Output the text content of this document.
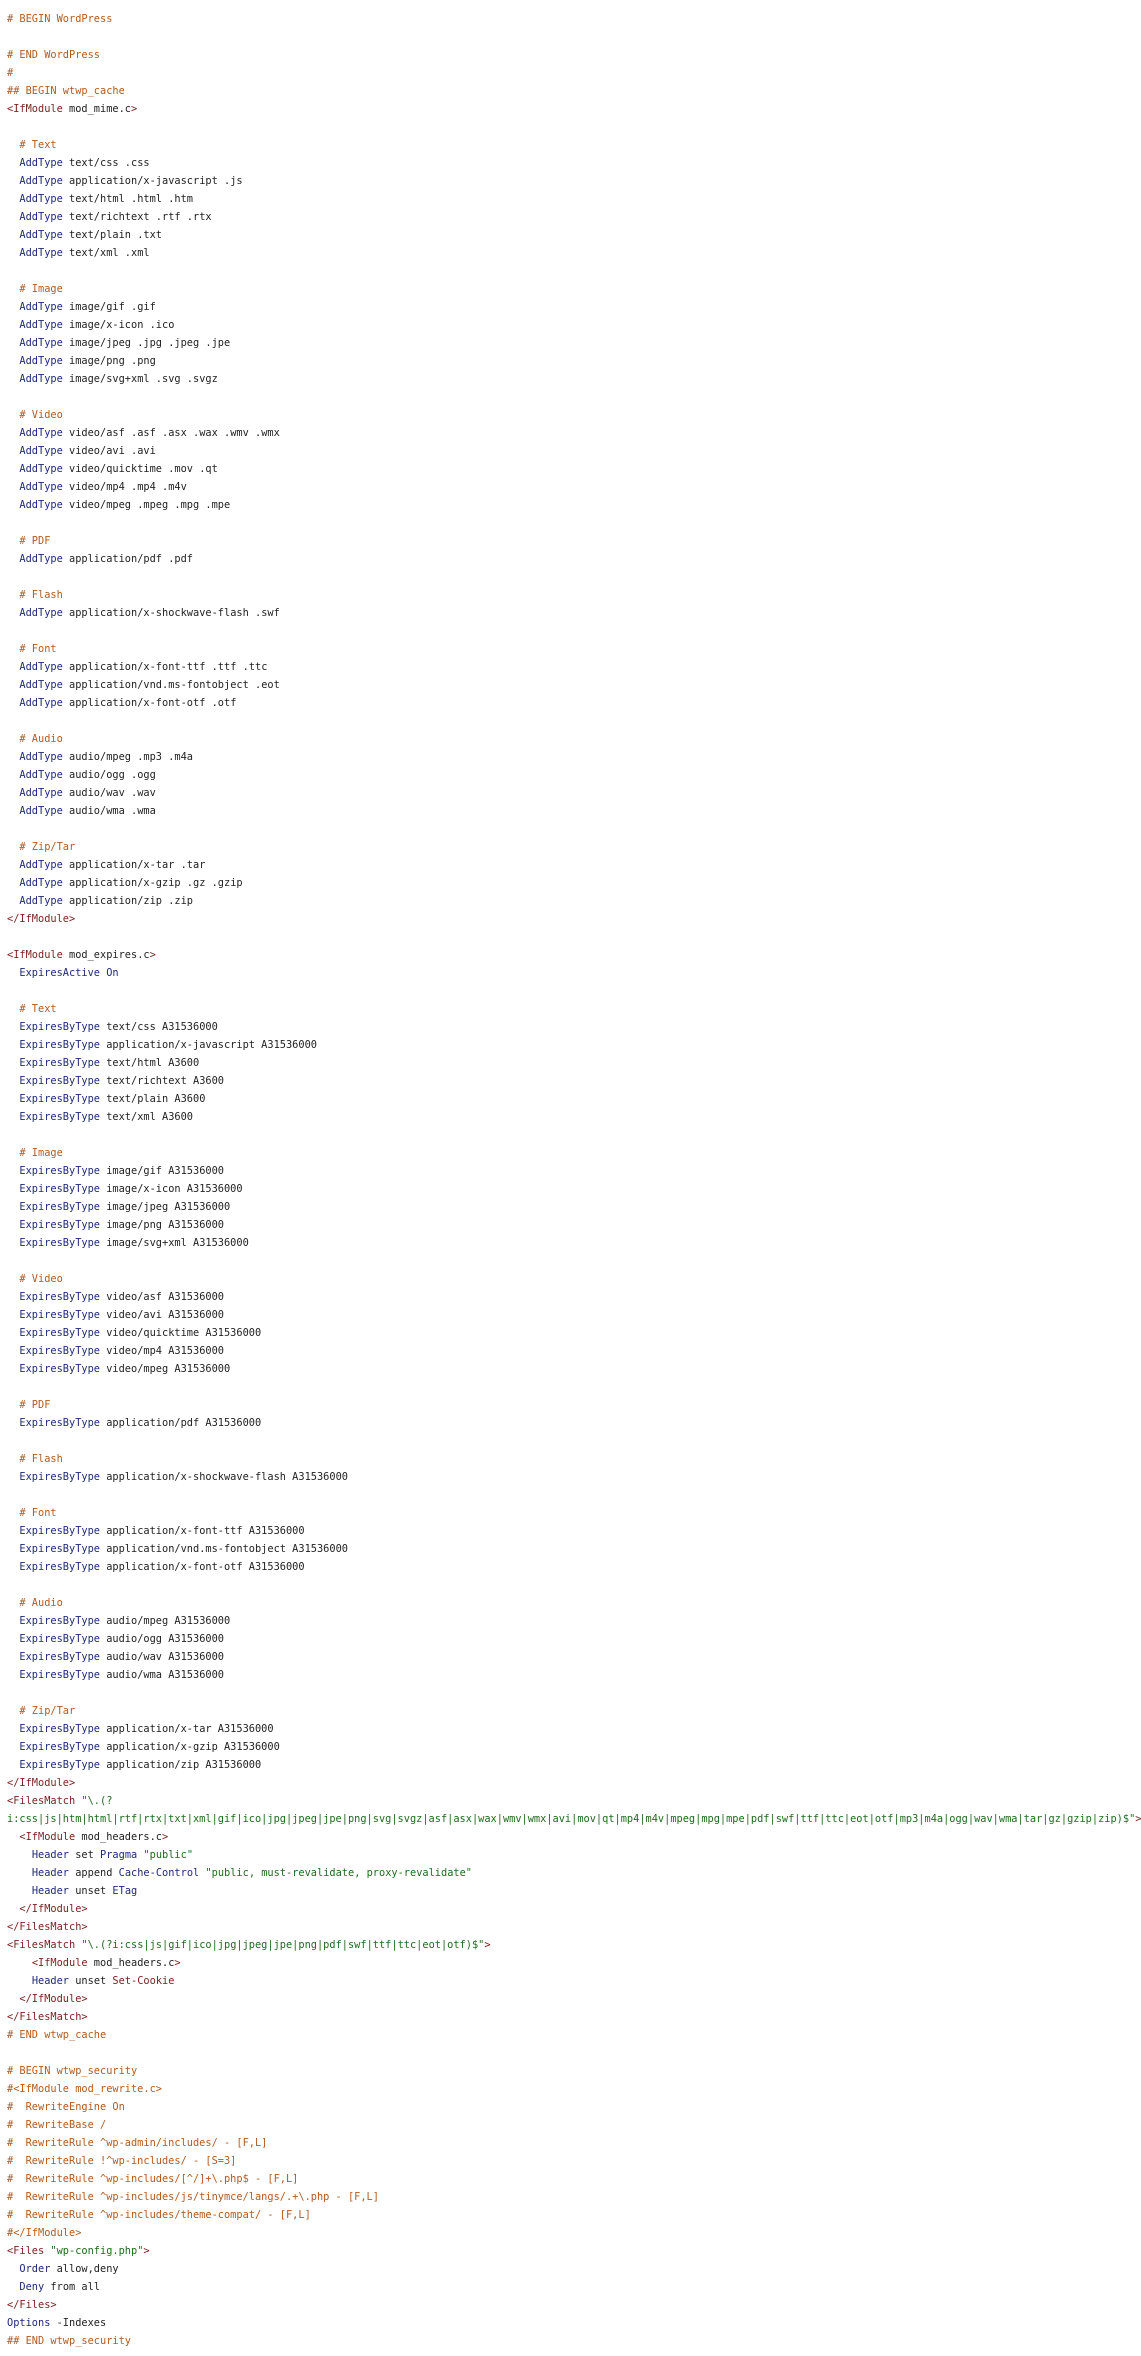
# BEGIN WordPress
# END WordPress
#
## BEGIN wtwp_cache
<IfModule mod_mime.c>
# Text
AddType text/css .css
AddType application/x-javascript .js
AddType text/html .html .htm
AddType text/richtext .rtf .rtx
AddType text/plain .txt
AddType text/xml .xml
# Image
AddType image/gif .gif
AddType image/x-icon .ico
AddType image/jpeg .jpg .jpeg .jpe
AddType image/png .png
AddType image/svg+xml .svg .svgz
# Video
AddType video/asf .asf .asx .wax .wmv .wmx
AddType video/avi .avi
AddType video/quicktime .mov .qt
AddType video/mp4 .mp4 .m4v
AddType video/mpeg .mpeg .mpg .mpe
# PDF
AddType application/pdf .pdf
# Flash
AddType application/x-shockwave-flash .swf
# Font
AddType application/x-font-ttf .ttf .ttc
AddType application/vnd.ms-fontobject .eot
AddType application/x-font-otf .otf
# Audio
AddType audio/mpeg .mp3 .m4a
AddType audio/ogg .ogg
AddType audio/wav .wav
AddType audio/wma .wma
# Zip/Tar
AddType application/x-tar .tar
AddType application/x-gzip .gz .gzip
AddType application/zip .zip
</IfModule>
<IfModule mod_expires.c>
ExpiresActive On
# Text
ExpiresByType text/css A31536000
ExpiresByType application/x-javascript A31536000
ExpiresByType text/html A3600
ExpiresByType text/richtext A3600
ExpiresByType text/plain A3600
ExpiresByType text/xml A3600
# Image
ExpiresByType image/gif A31536000
ExpiresByType image/x-icon A31536000
ExpiresByType image/jpeg A31536000
ExpiresByType image/png A31536000
ExpiresByType image/svg+xml A31536000
# Video
ExpiresByType video/asf A31536000
ExpiresByType video/avi A31536000
ExpiresByType video/quicktime A31536000
ExpiresByType video/mp4 A31536000
ExpiresByType video/mpeg A31536000
# PDF
ExpiresByType application/pdf A31536000
# Flash
ExpiresByType application/x-shockwave-flash A31536000
# Font
ExpiresByType application/x-font-ttf A31536000
ExpiresByType application/vnd.ms-fontobject A31536000
ExpiresByType application/x-font-otf A31536000
# Audio
ExpiresByType audio/mpeg A31536000
ExpiresByType audio/ogg A31536000
ExpiresByType audio/wav A31536000
ExpiresByType audio/wma A31536000
# Zip/Tar
ExpiresByType application/x-tar A31536000
ExpiresByType application/x-gzip A31536000
ExpiresByType application/zip A31536000
</IfModule>
<FilesMatch "\.(?
i:css|js|htm|html|rtf|rtx|txt|xml|gif|ico|jpg|jpeg|jpe|png|svg|svgz|asf|asx|wax|wmv|wmx|avi|mov|qt|mp4|m4v|mpeg|mpg|mpe|pdf|swf|ttf|ttc|eot|otf|mp3|m4a|ogg|wav|wma|tar|gz|gzip|zip)$">
<IfModule mod_headers.c>
Header set Pragma "public"
Header append Cache-Control "public, must-revalidate, proxy-revalidate"
Header unset ETag
</IfModule>
</FilesMatch>
<FilesMatch "\.(?i:css|js|gif|ico|jpg|jpeg|jpe|png|pdf|swf|ttf|ttc|eot|otf)$">
<IfModule mod_headers.c>
Header unset Set-Cookie
</IfModule>
</FilesMatch>
# END wtwp_cache
# BEGIN wtwp_security
#<IfModule mod_rewrite.c>
#  RewriteEngine On
#  RewriteBase /
#  RewriteRule ^wp-admin/includes/ - [F,L]
#  RewriteRule !^wp-includes/ - [S=3]
#  RewriteRule ^wp-includes/[^/]+\.php$ - [F,L]
#  RewriteRule ^wp-includes/js/tinymce/langs/.+\.php - [F,L]
#  RewriteRule ^wp-includes/theme-compat/ - [F,L]
#</IfModule>
<Files "wp-config.php">
Order allow,deny
Deny from all
</Files>
Options -Indexes
## END wtwp_security
